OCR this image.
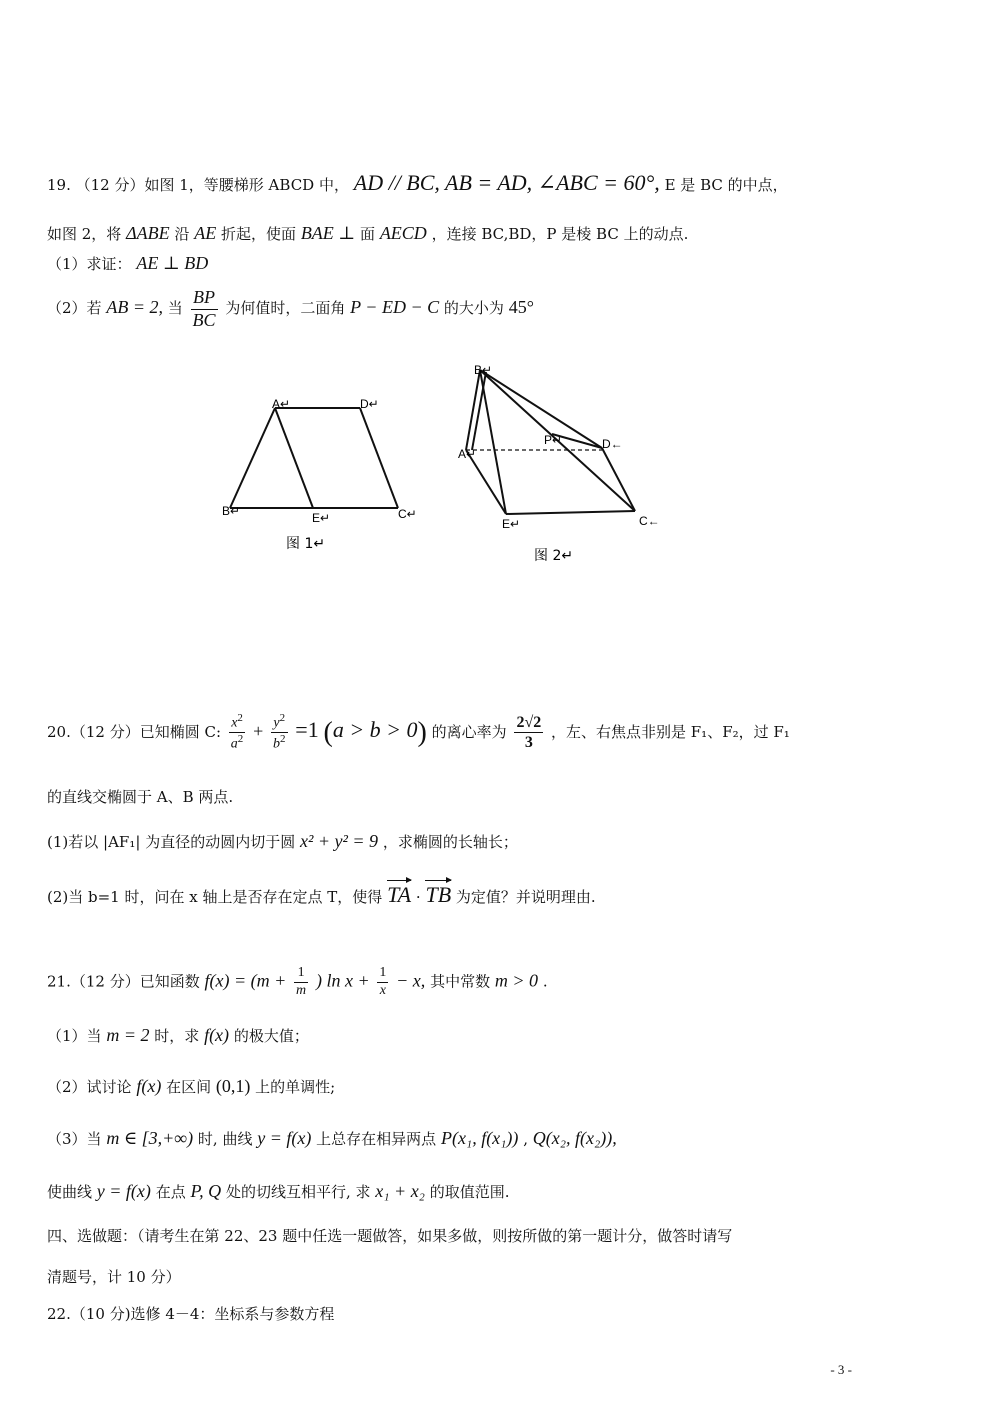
19. （12 分）如图 1，等腰梯形 ABCD 中， AD // BC, AB = AD, ∠ABC = 60°, E 是 BC 的中点，
如图 2，将 ΔABE 沿 AE 折起，使面 BAE ⊥ 面 AECD ，连接 BC,BD，P 是棱 BC 上的动点.
（1）求证： AE ⊥ BD
（2）若 AB = 2, 当 $\frac{BP}{BC}$ 为何值时，二面角 P − ED − C 的大小为 45°
A↵	D↵
B↵	E↵	C↵
图 1↵
B↵
A↵
P↵	D←
E↵	C←
图 2↵
20.（12 分）已知椭圆 C: $\frac{x^2}{a^2} + \frac{y^2}{b^2} =1$ (a > b > 0) 的离心率为 $\frac{2√2}{3}$ ，左、右焦点非别是 F₁、F₂，过 F₁
的直线交椭圆于 A、B 两点.
(1)若以 |AF₁| 为直径的动圆内切于圆 x² + y² = 9 ，求椭圆的长轴长；
(2)当 b=1 时，问在 x 轴上是否存在定点 T，使得 TA · TB 为定值？并说明理由.
21.（12 分）已知函数 $f(x) = (m + \frac{1}{m}$ ) $\ln x + \frac{1}{x} - x$, 其中常数 m > 0 .
（1）当 m = 2 时，求 f(x) 的极大值；
（2）试讨论 f(x) 在区间 (0,1) 上的单调性;
（3）当 m ∈ [3,+∞) 时, 曲线 y = f(x) 上总存在相异两点 P(x₁, f(x₁)) , Q(x₂, f(x₂)),
使曲线 y = f(x) 在点 P, Q 处的切线互相平行, 求 x₁ + x₂ 的取值范围.
四、选做题：（请考生在第 22、23 题中任选一题做答，如果多做，则按所做的第一题计分，做答时请写
清题号，计 10 分）
22.（10 分)选修 4－4：坐标系与参数方程
- 3 -
